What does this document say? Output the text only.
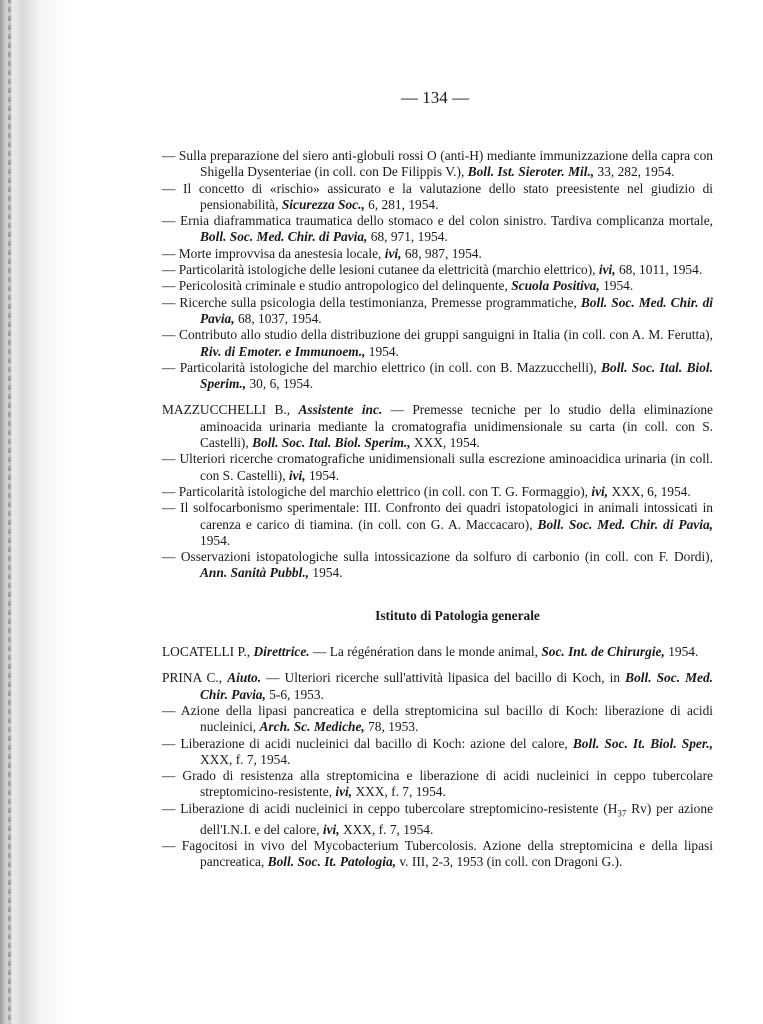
— 134 —
— Sulla preparazione del siero anti-globuli rossi O (anti-H) mediante immunizzazione della capra con Shigella Dysenteriae (in coll. con De Filippis V.), Boll. Ist. Sieroter. Mil., 33, 282, 1954.
— Il concetto di «rischio» assicurato e la valutazione dello stato preesistente nel giudizio di pensionabilità, Sicurezza Soc., 6, 281, 1954.
— Ernia diaframmatica traumatica dello stomaco e del colon sinistro. Tardiva complicanza mortale, Boll. Soc. Med. Chir. di Pavia, 68, 971, 1954.
— Morte improvvisa da anestesia locale, ivi, 68, 987, 1954.
— Particolarità istologiche delle lesioni cutanee da elettricità (marchio elettrico), ivi, 68, 1011, 1954.
— Pericolosità criminale e studio antropologico del delinquente, Scuola Positiva, 1954.
— Ricerche sulla psicologia della testimonianza, Premesse programmatiche, Boll. Soc. Med. Chir. di Pavia, 68, 1037, 1954.
— Contributo allo studio della distribuzione dei gruppi sanguigni in Italia (in coll. con A. M. Ferutta), Riv. di Emoter. e Immunoem., 1954.
— Particolarità istologiche del marchio elettrico (in coll. con B. Mazzucchelli), Boll. Soc. Ital. Biol. Sperim., 30, 6, 1954.
MAZZUCCHELLI B., Assistente inc. — Premesse tecniche per lo studio della eliminazione aminoacida urinaria mediante la cromatografia unidimensionale su carta (in coll. con S. Castelli), Boll. Soc. Ital. Biol. Sperim., XXX, 1954.
— Ulteriori ricerche cromatografiche unidimensionali sulla escrezione aminoacidica urinaria (in coll. con S. Castelli), ivi, 1954.
— Particolarità istologiche del marchio elettrico (in coll. con T. G. Formaggio), ivi, XXX, 6, 1954.
— Il solfocarbonismo sperimentale: III. Confronto dei quadri istopatologici in animali intossicati in carenza e carico di tiamina. (in coll. con G. A. Maccacaro), Boll. Soc. Med. Chir. di Pavia, 1954.
— Osservazioni istopatologiche sulla intossicazione da solfuro di carbonio (in coll. con F. Dordi), Ann. Sanità Pubbl., 1954.
Istituto di Patologia generale
LOCATELLI P., Direttrice. — La régénération dans le monde animal, Soc. Int. de Chirurgie, 1954.
PRINA C., Aiuto. — Ulteriori ricerche sull'attività lipasica del bacillo di Koch, in Boll. Soc. Med. Chir. Pavia, 5-6, 1953.
— Azione della lipasi pancreatica e della streptomicina sul bacillo di Koch: liberazione di acidi nucleinici, Arch. Sc. Mediche, 78, 1953.
— Liberazione di acidi nucleinici dal bacillo di Koch: azione del calore, Boll. Soc. It. Biol. Sper., XXX, f. 7, 1954.
— Grado di resistenza alla streptomicina e liberazione di acidi nucleinici in ceppo tubercolare streptomicino-resistente, ivi, XXX, f. 7, 1954.
— Liberazione di acidi nucleinici in ceppo tubercolare streptomicino-resistente ($H_{37}$ Rv) per azione dell'I.N.I. e del calore, ivi, XXX, f. 7, 1954.
— Fagocitosi in vivo del Mycobacterium Tubercolosis. Azione della streptomicina e della lipasi pancreatica, Boll. Soc. It. Patologia, v. III, 2-3, 1953 (in coll. con Dragoni G.).
